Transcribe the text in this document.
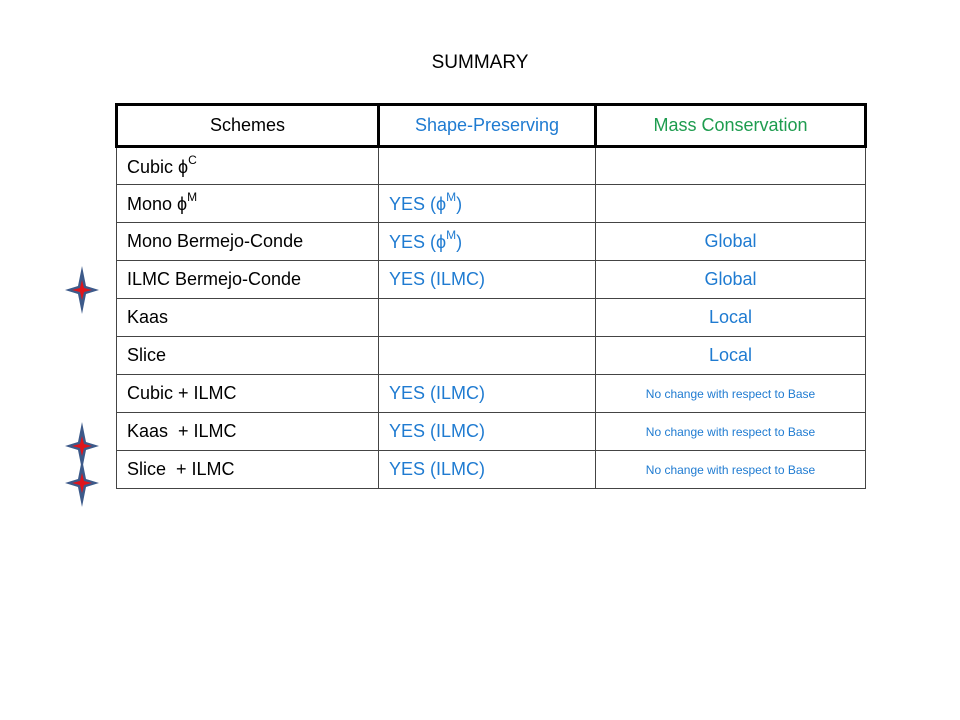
SUMMARY
Schemes	Shape-Preserving	Mass Conservation
Cubic $\phi^C$		
Mono $\phi^M$	YES $(\phi^M)$	
Mono Bermejo-Conde	YES $(\phi^M)$	Global
ILMC Bermejo-Conde	YES (ILMC)	Global
Kaas		Local
Slice		Local
Cubic + ILMC	YES (ILMC)	No change with respect to Base
Kaas  + ILMC	YES (ILMC)	No change with respect to Base
Slice  + ILMC	YES (ILMC)	No change with respect to Base
